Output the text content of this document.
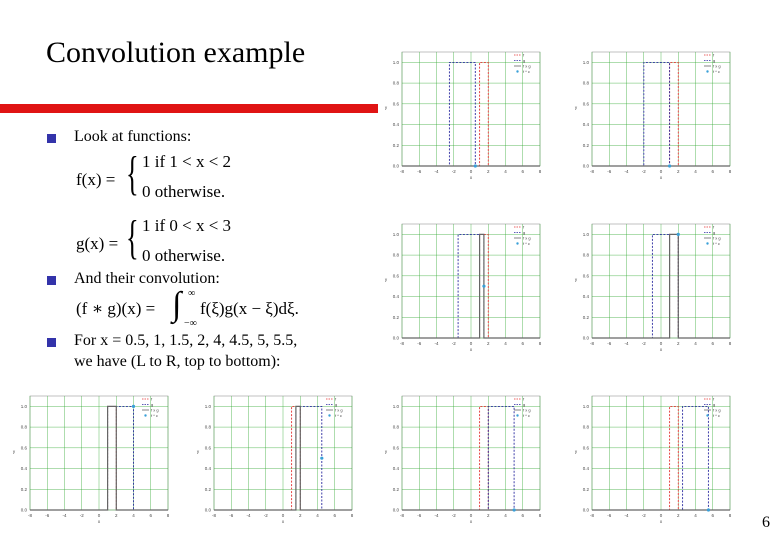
Convolution example
Look at functions:
f(x) = { 1 if 1 < x < 2
0 otherwise.
g(x) = { 1 if 0 < x < 3
0 otherwise.
And their convolution:
(f ∗ g)(x) = ∫ ∞
−∞
f(ξ)g(x − ξ)dξ.
For x = 0.5, 1, 1.5, 2, 4, 4.5, 5, 5.5,
we have (L to R, top to bottom):
-8	-6	-4	-2	0	2	4	6	8
1.0
0.8
0.6
0.4
0.2
0.0
x
y
f
g
f x g
f * c
-8	-6	-4	-2	0	2	4	6	8
1.0
0.8
0.6
0.4
0.2
0.0
x
y
f
g
f x g
f * c
-8	-6	-4	-2	0	2	4	6	8
1.0
0.8
0.6
0.4
0.2
0.0
x
y
f
g
f x g
f * c
-8	-6	-4	-2	0	2	4	6	8
1.0
0.8
0.6
0.4
0.2
0.0
x
y
f
g
f x g
f * c
-8	-6	-4	-2	0	2	4	6	8
1.0
0.8
0.6
0.4
0.2
0.0
x
y
f
g
f x g
f * c
-8	-6	-4	-2	0	2	4	6	8
1.0
0.8
0.6
0.4
0.2
0.0
x
y
f
g
f x g
f * c
-8	-6	-4	-2	0	2	4	6	8
1.0
0.8
0.6
0.4
0.2
0.0
x
y
f
g
f x g
f * c
-8	-6	-4	-2	0	2	4	6	8
1.0
0.8
0.6
0.4
0.2
0.0
x
y
f
g
f x g
f * c
6
